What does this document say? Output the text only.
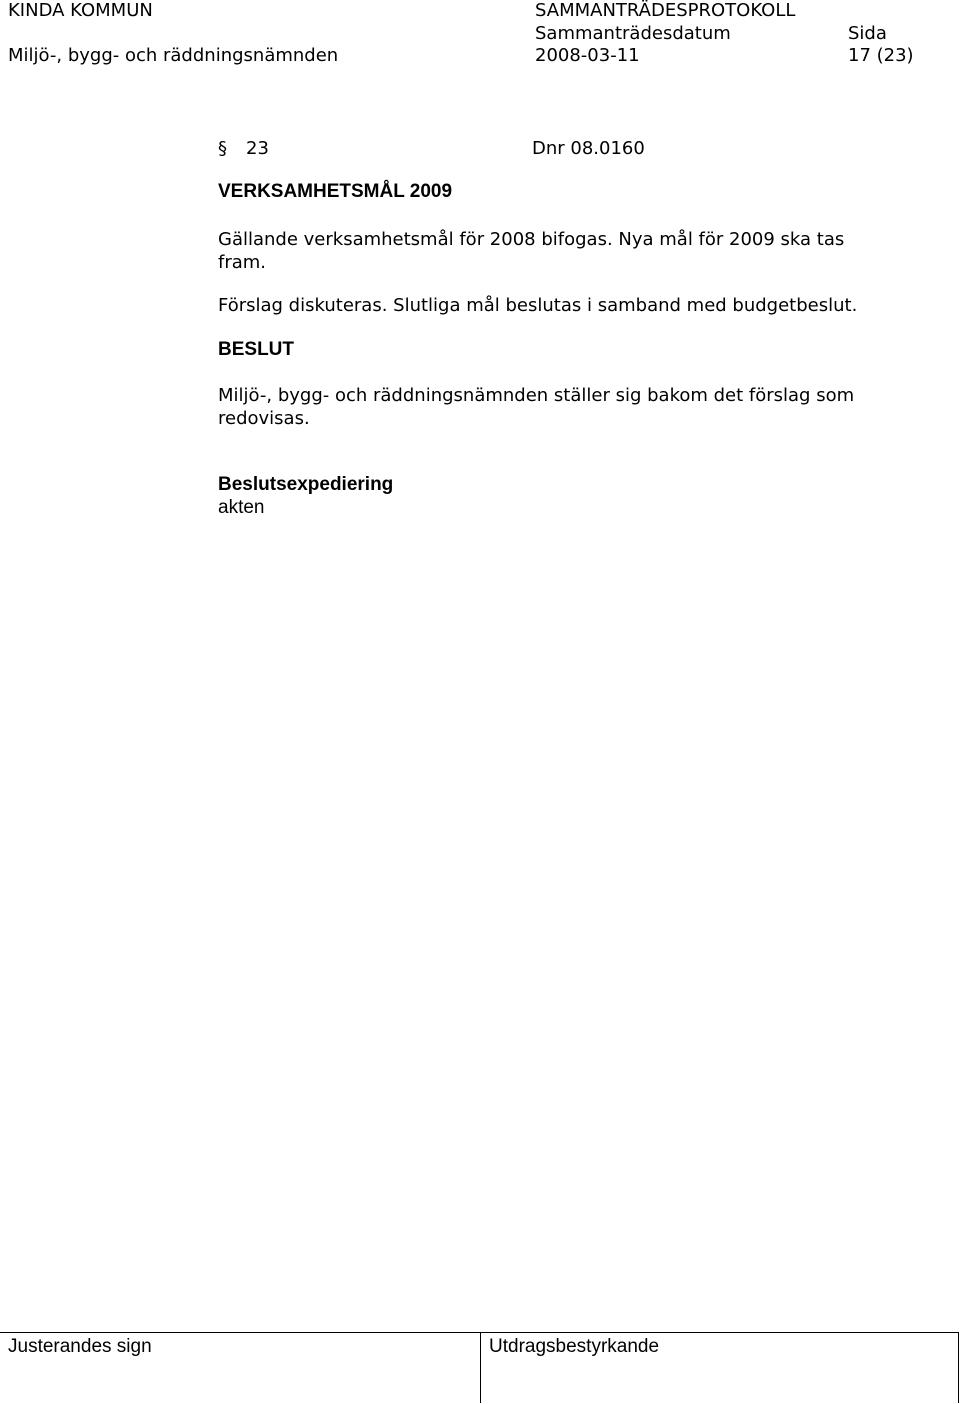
KINDA KOMMUN	SAMMANTRÄDESPROTOKOLL
Sammanträdesdatum	Sida
Miljö-, bygg- och räddningsnämnden	2008-03-11	17 (23)
§ 23	Dnr 08.0160
VERKSAMHETSMÅL 2009
Gällande verksamhetsmål för 2008 bifogas. Nya mål för 2009 ska tas
fram.
Förslag diskuteras. Slutliga mål beslutas i samband med budgetbeslut.
BESLUT
Miljö-, bygg- och räddningsnämnden ställer sig bakom det förslag som
redovisas.
Beslutsexpediering
akten
Justerandes sign	Utdragsbestyrkande
